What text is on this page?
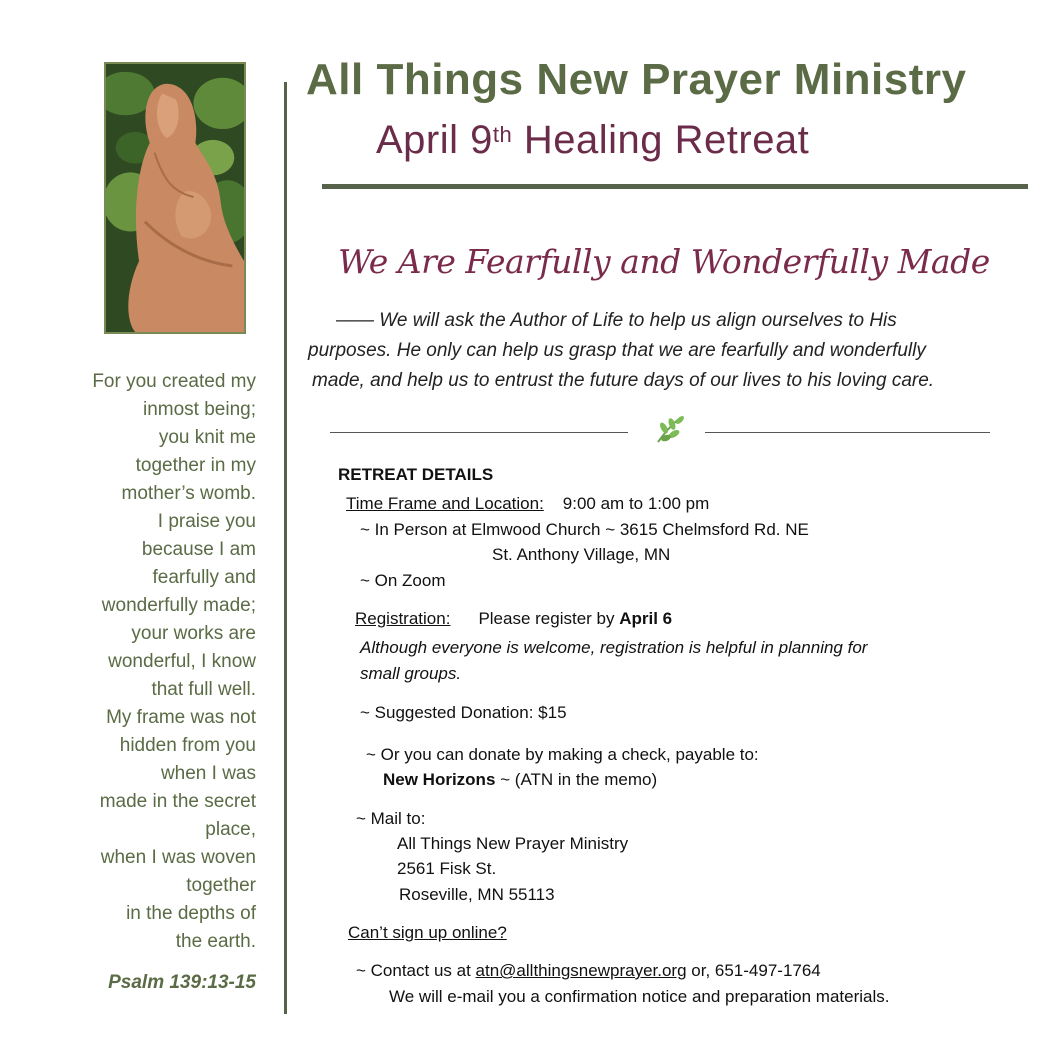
For you created my
inmost being;
you knit me
together in my
mother’s womb.
I praise you
because I am
fearfully and
wonderfully made;
your works are
wonderful, I know
that full well.
My frame was not
hidden from you
when I was
made in the secret
place,
when I was woven
together
in the depths of
the earth.
Psalm 139:13-15
All Things New Prayer Ministry
April 9th Healing Retreat
We Are Fearfully and Wonderfully Made
—— We will ask the Author of Life to help us align ourselves to His
purposes. He only can help us grasp that we are fearfully and wonderfully
made, and help us to entrust the future days of our lives to his loving care.
RETREAT DETAILS
Time Frame and Location: 9:00 am to 1:00 pm
~ In Person at Elmwood Church ~ 3615 Chelmsford Rd. NE
St. Anthony Village, MN
~ On Zoom
Registration: Please register by April 6
Although everyone is welcome, registration is helpful in planning for
small groups.
~ Suggested Donation: $15
~ Or you can donate by making a check, payable to:
New Horizons ~ (ATN in the memo)
~ Mail to:
All Things New Prayer Ministry
2561 Fisk St.
Roseville, MN 55113
Can’t sign up online?
~ Contact us at atn@allthingsnewprayer.org or, 651-497-1764
We will e-mail you a confirmation notice and preparation materials.
